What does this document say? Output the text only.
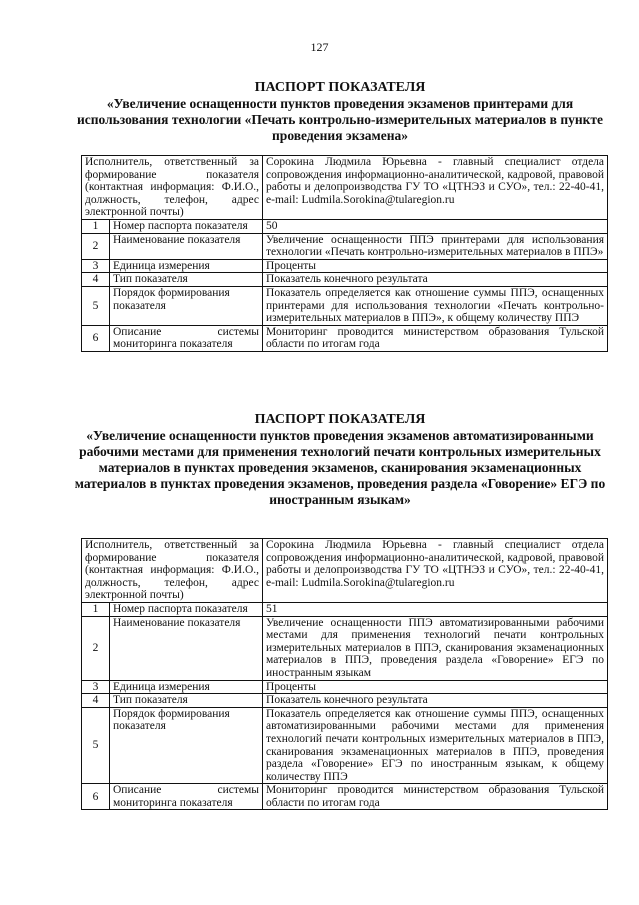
127
ПАСПОРТ ПОКАЗАТЕЛЯ
«Увеличение оснащенности пунктов проведения экзаменов принтерами для использования технологии «Печать контрольно-измерительных материалов в пункте проведения экзамена»
Исполнитель, ответственный за формирование показателя (контактная информация: Ф.И.О., должность, телефон, адрес электронной почты)		Сорокина Людмила Юрьевна - главный специалист отдела сопровождения информационно-аналитической, кадровой, правовой работы и делопроизводства ГУ ТО «ЦТНЭЗ и СУО», тел.: 22-40-41, e-mail: Ludmila.Sorokina@tularegion.ru
1	Номер паспорта показателя	50
2	Наименование показателя	Увеличение оснащенности ППЭ принтерами для использования технологии «Печать контрольно-измерительных материалов в ППЭ»
3	Единица измерения	Проценты
4	Тип показателя	Показатель конечного результата
5	Порядок формирования показателя	Показатель определяется как отношение суммы ППЭ, оснащенных принтерами для использования технологии «Печать контрольно-измерительных материалов в ППЭ», к общему количеству ППЭ
6	Описание системы мониторинга показателя	Мониторинг проводится министерством образования Тульской области по итогам года
ПАСПОРТ ПОКАЗАТЕЛЯ
«Увеличение оснащенности пунктов проведения экзаменов автоматизированными рабочими местами для применения технологий печати контрольных измерительных материалов в пунктах проведения экзаменов, сканирования экзаменационных материалов в пунктах проведения экзаменов, проведения раздела «Говорение» ЕГЭ по иностранным языкам»
Исполнитель, ответственный за формирование показателя (контактная информация: Ф.И.О., должность, телефон, адрес электронной почты)		Сорокина Людмила Юрьевна - главный специалист отдела сопровождения информационно-аналитической, кадровой, правовой работы и делопроизводства ГУ ТО «ЦТНЭЗ и СУО», тел.: 22-40-41, e-mail: Ludmila.Sorokina@tularegion.ru
1	Номер паспорта показателя	51
2	Наименование показателя	Увеличение оснащенности ППЭ автоматизированными рабочими местами для применения технологий печати контрольных измерительных материалов в ППЭ, сканирования экзаменационных материалов в ППЭ, проведения раздела «Говорение» ЕГЭ по иностранным языкам
3	Единица измерения	Проценты
4	Тип показателя	Показатель конечного результата
5	Порядок формирования показателя	Показатель определяется как отношение суммы ППЭ, оснащенных автоматизированными рабочими местами для применения технологий печати контрольных измерительных материалов в ППЭ, сканирования экзаменационных материалов в ППЭ, проведения раздела «Говорение» ЕГЭ по иностранным языкам, к общему количеству ППЭ
6	Описание системы мониторинга показателя	Мониторинг проводится министерством образования Тульской области по итогам года
